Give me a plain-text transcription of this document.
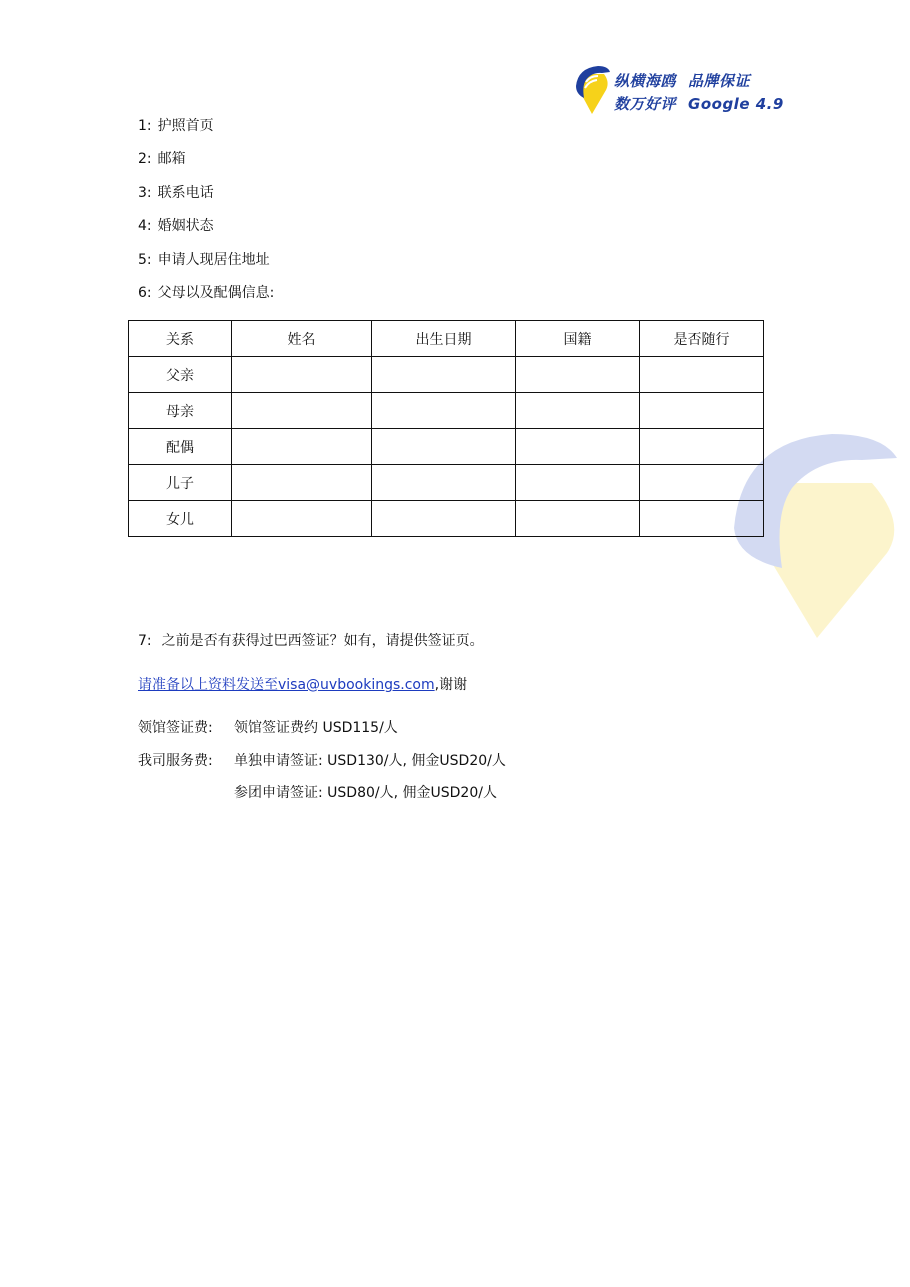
纵横海鸥 品牌保证
数万好评 Google 4.9
1: 护照首页
2: 邮箱
3: 联系电话
4: 婚姻状态
5: 申请人现居住地址
6: 父母以及配偶信息:
关系	姓名	出生日期	国籍	是否随行
父亲				
母亲				
配偶				
儿子				
女儿				
7: 之前是否有获得过巴西签证？如有，请提供签证页。
请准备以上资料发送至visa@uvbookings.com,谢谢
领馆签证费: 领馆签证费约 USD115/人
我司服务费: 单独申请签证: USD130/人, 佣金USD20/人
参团申请签证: USD80/人, 佣金USD20/人
